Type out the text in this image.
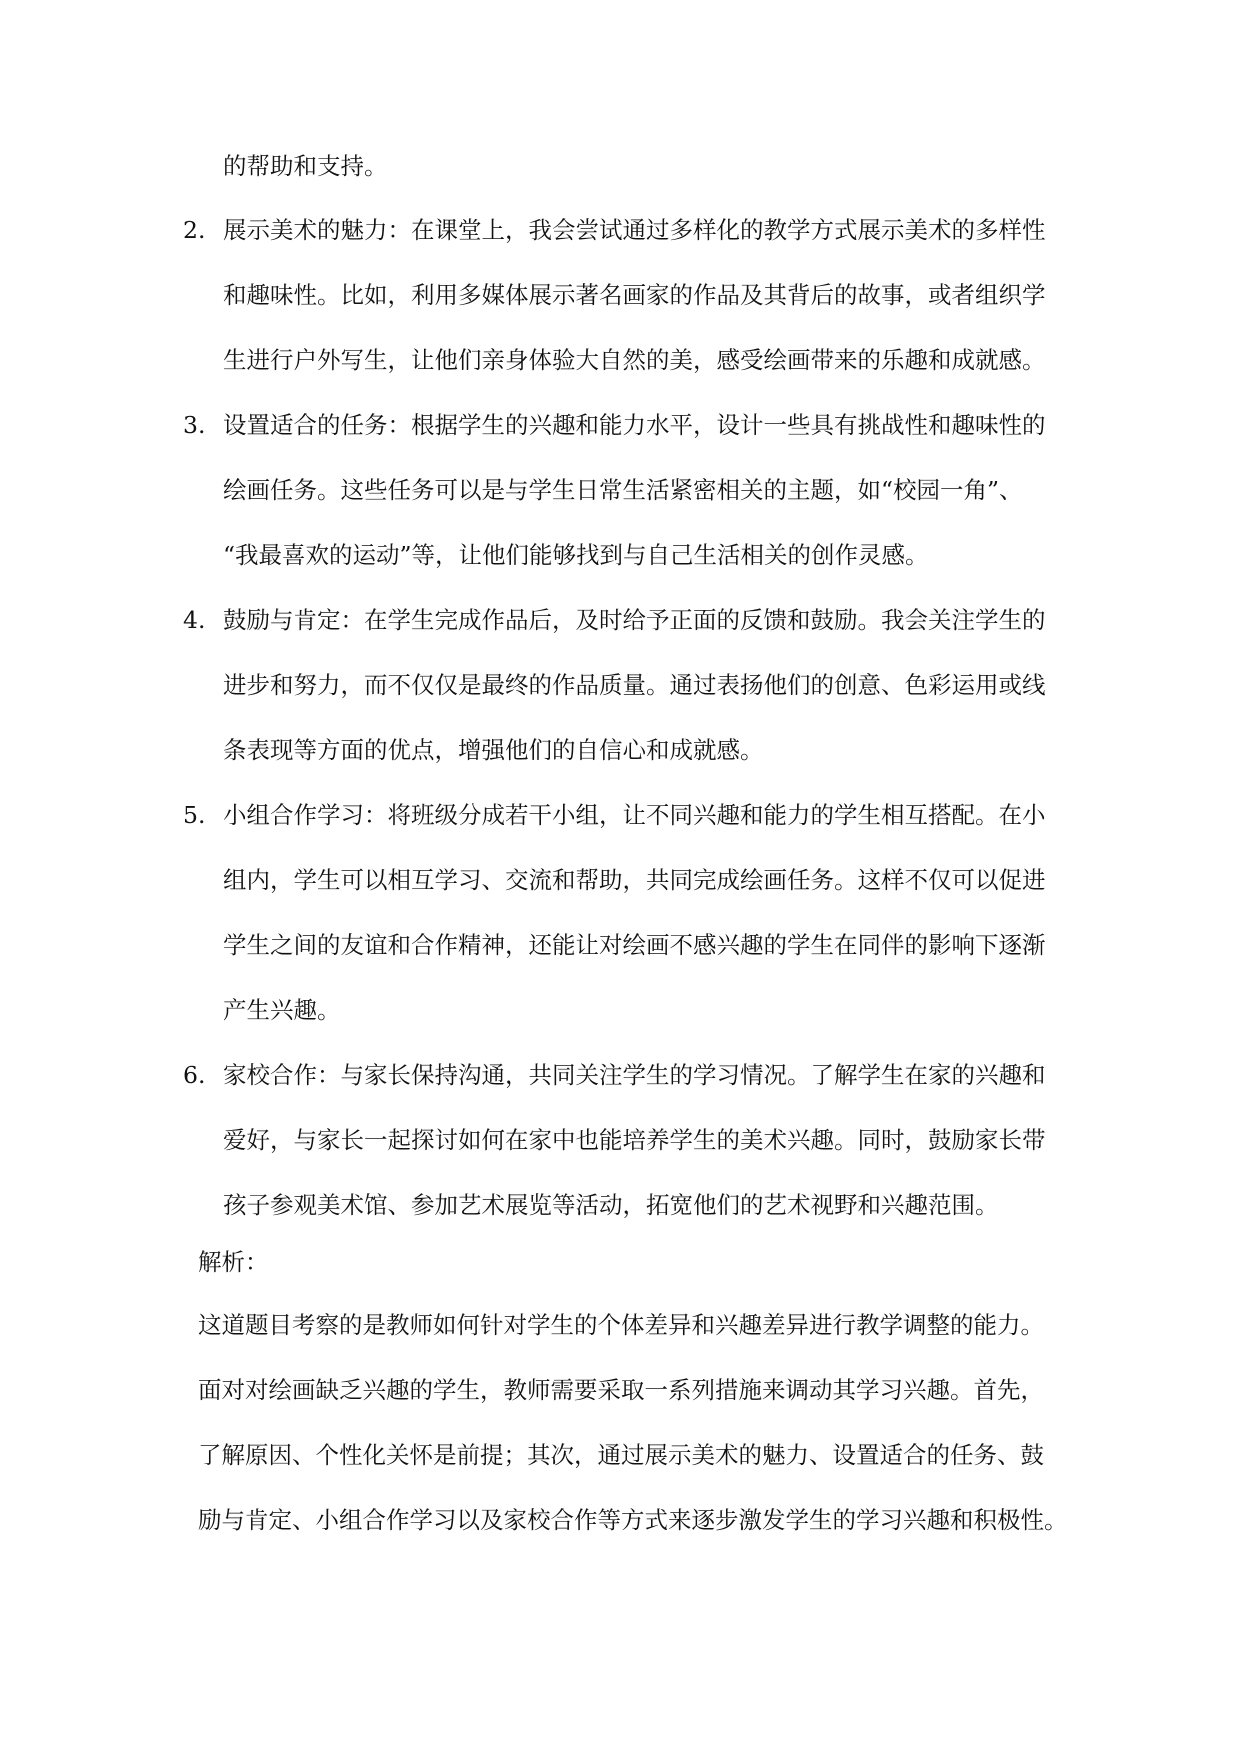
的帮助和支持。
2. 展示美术的魅力：在课堂上，我会尝试通过多样化的教学方式展示美术的多样性
和趣味性。比如，利用多媒体展示著名画家的作品及其背后的故事，或者组织学
生进行户外写生，让他们亲身体验大自然的美，感受绘画带来的乐趣和成就感。
3. 设置适合的任务：根据学生的兴趣和能力水平，设计一些具有挑战性和趣味性的
绘画任务。这些任务可以是与学生日常生活紧密相关的主题，如“校园一角”、
“我最喜欢的运动”等，让他们能够找到与自己生活相关的创作灵感。
4. 鼓励与肯定：在学生完成作品后，及时给予正面的反馈和鼓励。我会关注学生的
进步和努力，而不仅仅是最终的作品质量。通过表扬他们的创意、色彩运用或线
条表现等方面的优点，增强他们的自信心和成就感。
5. 小组合作学习：将班级分成若干小组，让不同兴趣和能力的学生相互搭配。在小
组内，学生可以相互学习、交流和帮助，共同完成绘画任务。这样不仅可以促进
学生之间的友谊和合作精神，还能让对绘画不感兴趣的学生在同伴的影响下逐渐
产生兴趣。
6. 家校合作：与家长保持沟通，共同关注学生的学习情况。了解学生在家的兴趣和
爱好，与家长一起探讨如何在家中也能培养学生的美术兴趣。同时，鼓励家长带
孩子参观美术馆、参加艺术展览等活动，拓宽他们的艺术视野和兴趣范围。
解析：
这道题目考察的是教师如何针对学生的个体差异和兴趣差异进行教学调整的能力。
面对对绘画缺乏兴趣的学生，教师需要采取一系列措施来调动其学习兴趣。首先，
了解原因、个性化关怀是前提；其次，通过展示美术的魅力、设置适合的任务、鼓
励与肯定、小组合作学习以及家校合作等方式来逐步激发学生的学习兴趣和积极性。
